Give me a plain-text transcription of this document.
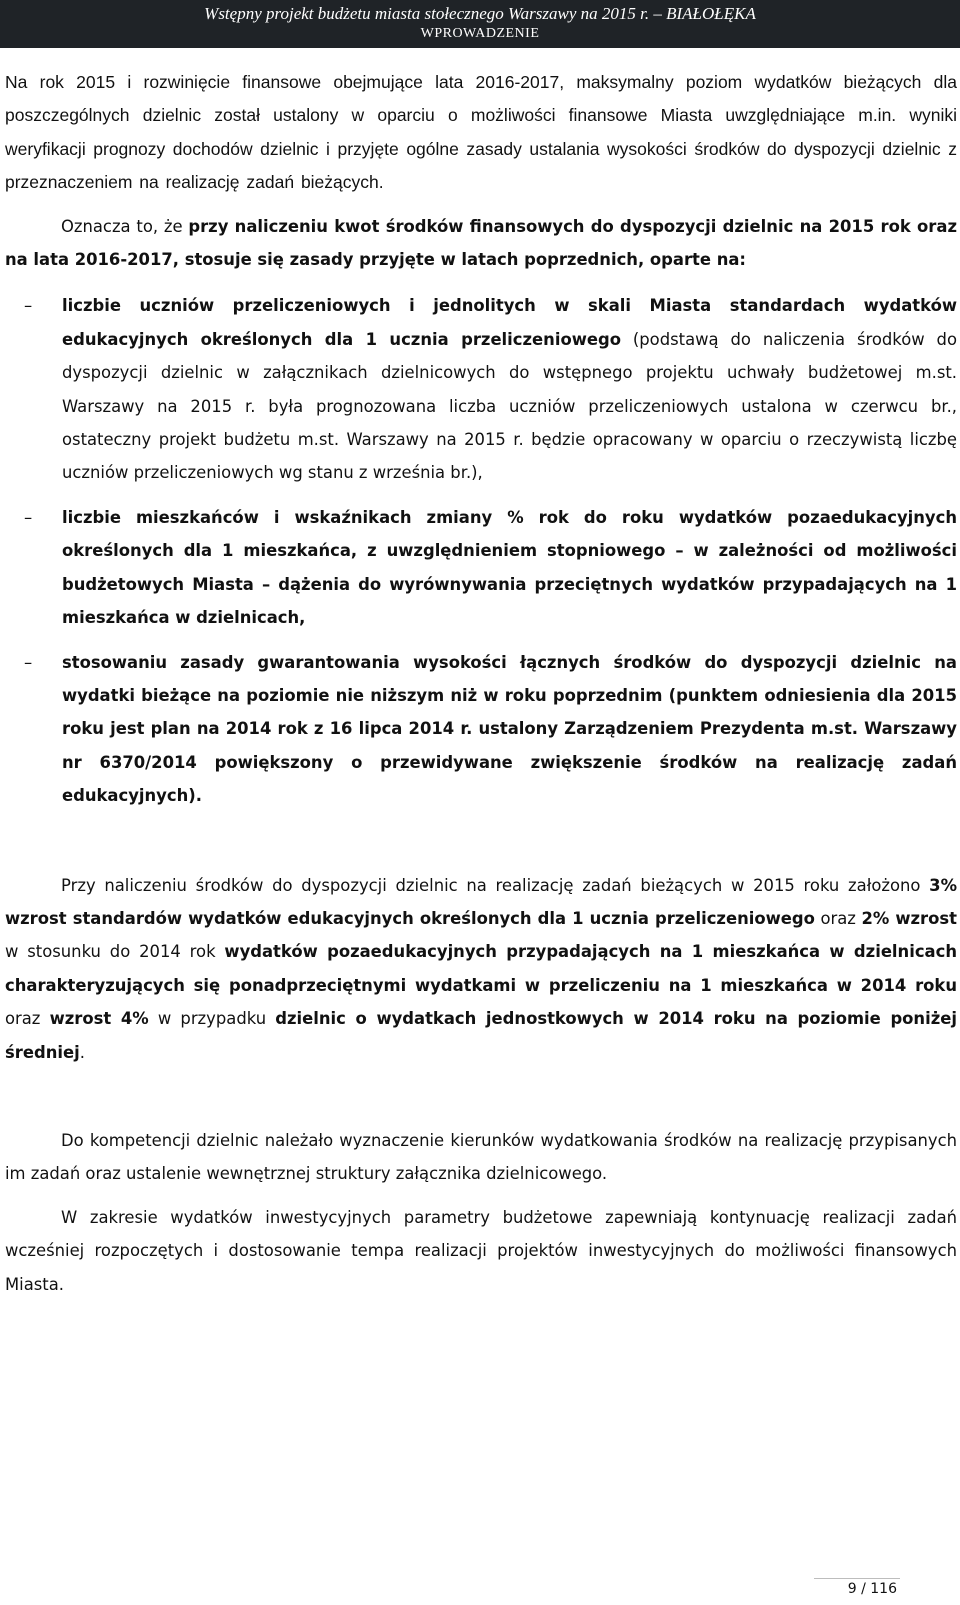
Wstępny projekt budżetu miasta stołecznego Warszawy na 2015 r. – BIAŁOŁĘKA
WPROWADZENIE

Na rok 2015 i rozwinięcie finansowe obejmujące lata 2016-2017, maksymalny poziom wydatków bieżących dla poszczególnych dzielnic został ustalony w oparciu o możliwości finansowe Miasta uwzględniające m.in. wyniki weryfikacji prognozy dochodów dzielnic i przyjęte ogólne zasady ustalania wysokości środków do dyspozycji dzielnic z przeznaczeniem na realizację zadań bieżących.

Oznacza to, że przy naliczeniu kwot środków finansowych do dyspozycji dzielnic na 2015 rok oraz na lata 2016-2017, stosuje się zasady przyjęte w latach poprzednich, oparte na:

– liczbie uczniów przeliczeniowych i jednolitych w skali Miasta standardach wydatków edukacyjnych określonych dla 1 ucznia przeliczeniowego (podstawą do naliczenia środków do dyspozycji dzielnic w załącznikach dzielnicowych do wstępnego projektu uchwały budżetowej m.st. Warszawy na 2015 r. była prognozowana liczba uczniów przeliczeniowych ustalona w czerwcu br., ostateczny projekt budżetu m.st. Warszawy na 2015 r. będzie opracowany w oparciu o rzeczywistą liczbę uczniów przeliczeniowych wg stanu z września br.),
– liczbie mieszkańców i wskaźnikach zmiany % rok do roku wydatków pozaedukacyjnych określonych dla 1 mieszkańca, z uwzględnieniem stopniowego – w zależności od możliwości budżetowych Miasta – dążenia do wyrównywania przeciętnych wydatków przypadających na 1 mieszkańca w dzielnicach,
– stosowaniu zasady gwarantowania wysokości łącznych środków do dyspozycji dzielnic na wydatki bieżące na poziomie nie niższym niż w roku poprzednim (punktem odniesienia dla 2015 roku jest plan na 2014 rok z 16 lipca 2014 r. ustalony Zarządzeniem Prezydenta m.st. Warszawy nr 6370/2014 powiększony o przewidywane zwiększenie środków na realizację zadań edukacyjnych).

Przy naliczeniu środków do dyspozycji dzielnic na realizację zadań bieżących w 2015 roku założono 3% wzrost standardów wydatków edukacyjnych określonych dla 1 ucznia przeliczeniowego oraz 2% wzrost w stosunku do 2014 rok wydatków pozaedukacyjnych przypadających na 1 mieszkańca w dzielnicach charakteryzujących się ponadprzeciętnymi wydatkami w przeliczeniu na 1 mieszkańca w 2014 roku oraz wzrost 4% w przypadku dzielnic o wydatkach jednostkowych w 2014 roku na poziomie poniżej średniej.

Do kompetencji dzielnic należało wyznaczenie kierunków wydatkowania środków na realizację przypisanych im zadań oraz ustalenie wewnętrznej struktury załącznika dzielnicowego.

W zakresie wydatków inwestycyjnych parametry budżetowe zapewniają kontynuację realizacji zadań wcześniej rozpoczętych i dostosowanie tempa realizacji projektów inwestycyjnych do możliwości finansowych Miasta.

9 / 116
